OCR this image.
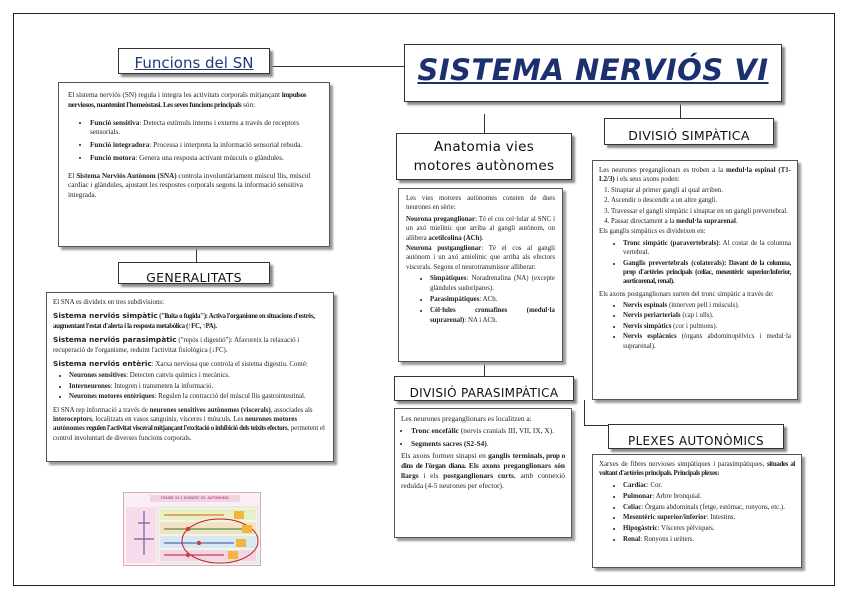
SISTEMA NERVIÓS VI
Funcions del SN

El sistema nerviós (SN) regula i integra les activitats corporals mitjançant impulsos nerviosos, mantenint l'homeòstasi. Les seves funcions principals són:

• Funció sensitiva: Detecta estímuls interns i externs a través de receptors sensorials.
• Funció integradora: Processa i interpreta la informació sensorial rebuda.
• Funció motora: Genera una resposta activant músculs o glàndules.

El Sistema Nerviós Autònom (SNA) controla involuntàriament múscul llis, múscul cardíac i glàndules, ajustant les respostes corporals segons la informació sensitiva integrada.

GENERALITATS

El SNA es divideix en tres subdivisions:

Sistema nerviós simpàtic ("lluita o fugida"): Activa l'organisme en situacions d'estrès, augmentant l'estat d'alerta i la resposta metabòlica (↑FC, ↑PA).

Sistema nerviós parasimpàtic ("repòs i digestió"): Afavoreix la relaxació i recuperació de l'organisme, reduint l'activitat fisiològica (↓FC).

Sistema nerviós entèric: Xarxa nerviosa que controla el sistema digestiu. Conté:

• Neurones sensitives: Detecten canvis químics i mecànics.
• Interneurones: Integren i transmeten la informació.
• Neurones motores entèriques: Regulen la contracció del múscul llis gastrointestinal.

El SNA rep informació a través de neurones sensitives autònomes (viscerals), associades als interoceptors, localitzats en vasos sanguinis, vísceres i músculs. Les neurones motores autònomes regulen l'activitat visceral mitjançant l'excitació o inhibició dels teixits efectors, permetent el control involuntari de diverses funcions corporals.

FIGURE 15.1 SOMATIC VS. AUTONOMIC
Anatomia vies
motores autònomes

Les vies motores autònomes consten de dues neurones en sèrie:

Neurona preganglionar: Té el cos cel·lular al SNC i un axó mielínic que arriba al gangli autònom, on allibera acetilcolina (ACh).

Neurona postganglionar: Té el cos al gangli autònom i un axó amielínic que arriba als efectors viscerals. Segons el neurotransmissor alliberat:

• Simpàtiques: Noradrenalina (NA) (excepte glàndules sudorípares).
• Parasimpàtiques: ACh.
• Cèl·lules cromafines (medul·la suprarenal): NA i ACh.
DIVISIÓ PARASIMPÀTICA

Les neurones preganglionars es localitzen a:

• Tronc encefàlic (nervis cranials III, VII, IX, X).
• Segments sacres (S2-S4).

Els axons formen sinapsi en ganglis terminals, prop o dins de l'òrgan diana. Els axons preganglionars són llargs i els postganglionars curts, amb connexió reduïda (4-5 neurones per efector).

DIVISIÓ SIMPÀTICA

Les neurones preganglionars es troben a la medul·la espinal (T1-L2/3) i els seus axons poden:

1. Sinaptar al primer gangli al qual arriben.
2. Ascendir o descendir a un altre gangli.
3. Travessar el gangli simpàtic i sinaptar en un gangli prevertebral.
4. Passar directament a la medul·la suprarenal.

Els ganglis simpàtics es divideixen en:

• Tronc simpàtic (paravertebrals): Al costat de la columna vertebral.
• Ganglis prevertebrals (colaterals): Davant de la columna, prop d'artèries principals (celíac, mesentèric superior/inferior, aorticorenal, renal).

Els axons postganglionars surten del tronc simpàtic a través de:

• Nervis espinals (innerven pell i músculs).
• Nervis periarterials (cap i ulls).
• Nervis simpàtics (cor i pulmons).
• Nervis esplàcnics (òrgans abdominopèlvics i medul·la suprarenal).
PLEXES AUTONÒMICS

Xarxes de fibres nervioses simpàtiques i parasimpàtiques, situades al voltant d'artèries principals. Principals plexes:

• Cardíac: Cor.
• Pulmonar: Arbre bronquial.
• Celíac: Òrgans abdominals (fetge, estómac, ronyons, etc.).
• Mesentèric superior/inferior: Intestins.
• Hipogàstric: Vísceres pèlviques.
• Renal: Ronyons i urèters.
